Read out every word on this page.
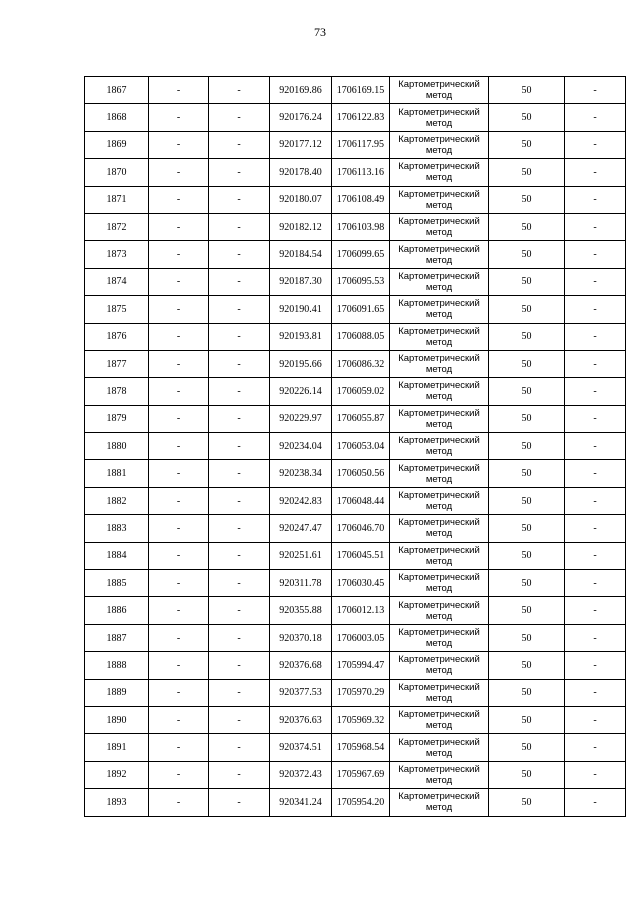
73
1867	-	-	920169.86	1706169.15	Картометрический метод	50	-
1868	-	-	920176.24	1706122.83	Картометрический метод	50	-
1869	-	-	920177.12	1706117.95	Картометрический метод	50	-
1870	-	-	920178.40	1706113.16	Картометрический метод	50	-
1871	-	-	920180.07	1706108.49	Картометрический метод	50	-
1872	-	-	920182.12	1706103.98	Картометрический метод	50	-
1873	-	-	920184.54	1706099.65	Картометрический метод	50	-
1874	-	-	920187.30	1706095.53	Картометрический метод	50	-
1875	-	-	920190.41	1706091.65	Картометрический метод	50	-
1876	-	-	920193.81	1706088.05	Картометрический метод	50	-
1877	-	-	920195.66	1706086.32	Картометрический метод	50	-
1878	-	-	920226.14	1706059.02	Картометрический метод	50	-
1879	-	-	920229.97	1706055.87	Картометрический метод	50	-
1880	-	-	920234.04	1706053.04	Картометрический метод	50	-
1881	-	-	920238.34	1706050.56	Картометрический метод	50	-
1882	-	-	920242.83	1706048.44	Картометрический метод	50	-
1883	-	-	920247.47	1706046.70	Картометрический метод	50	-
1884	-	-	920251.61	1706045.51	Картометрический метод	50	-
1885	-	-	920311.78	1706030.45	Картометрический метод	50	-
1886	-	-	920355.88	1706012.13	Картометрический метод	50	-
1887	-	-	920370.18	1706003.05	Картометрический метод	50	-
1888	-	-	920376.68	1705994.47	Картометрический метод	50	-
1889	-	-	920377.53	1705970.29	Картометрический метод	50	-
1890	-	-	920376.63	1705969.32	Картометрический метод	50	-
1891	-	-	920374.51	1705968.54	Картометрический метод	50	-
1892	-	-	920372.43	1705967.69	Картометрический метод	50	-
1893	-	-	920341.24	1705954.20	Картометрический метод	50	-
